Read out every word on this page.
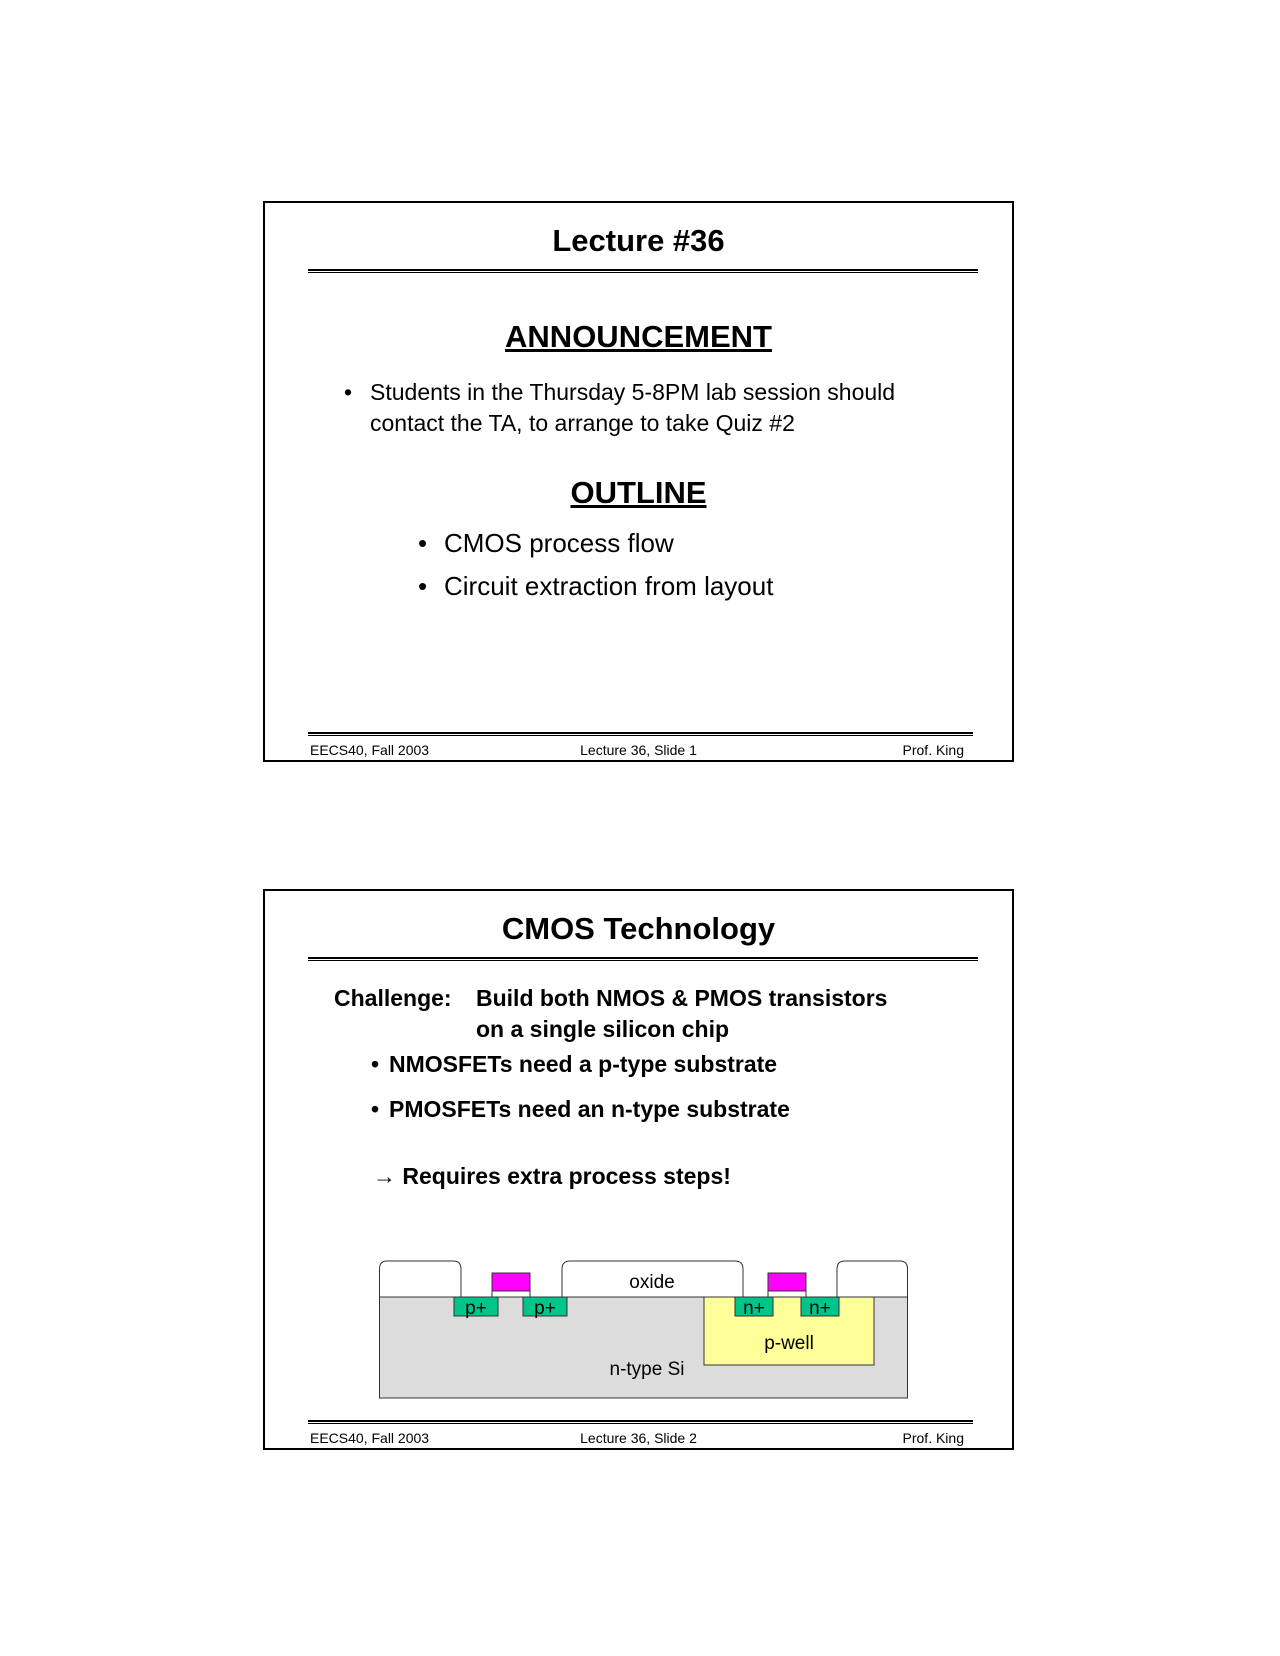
Lecture #36
ANNOUNCEMENT
• Students in the Thursday 5-8PM lab session should contact the TA, to arrange to take Quiz #2
OUTLINE
• CMOS process flow
• Circuit extraction from layout
EECS40, Fall 2003	Lecture 36, Slide 1	Prof. King
CMOS Technology
Challenge: Build both NMOS & PMOS transistors
on a single silicon chip
• NMOSFETs need a p-type substrate
• PMOSFETs need an n-type substrate
→ Requires extra process steps!
p+ p+	n+ n+
oxide
p-well
n-type Si
EECS40, Fall 2003	Lecture 36, Slide 2	Prof. King
